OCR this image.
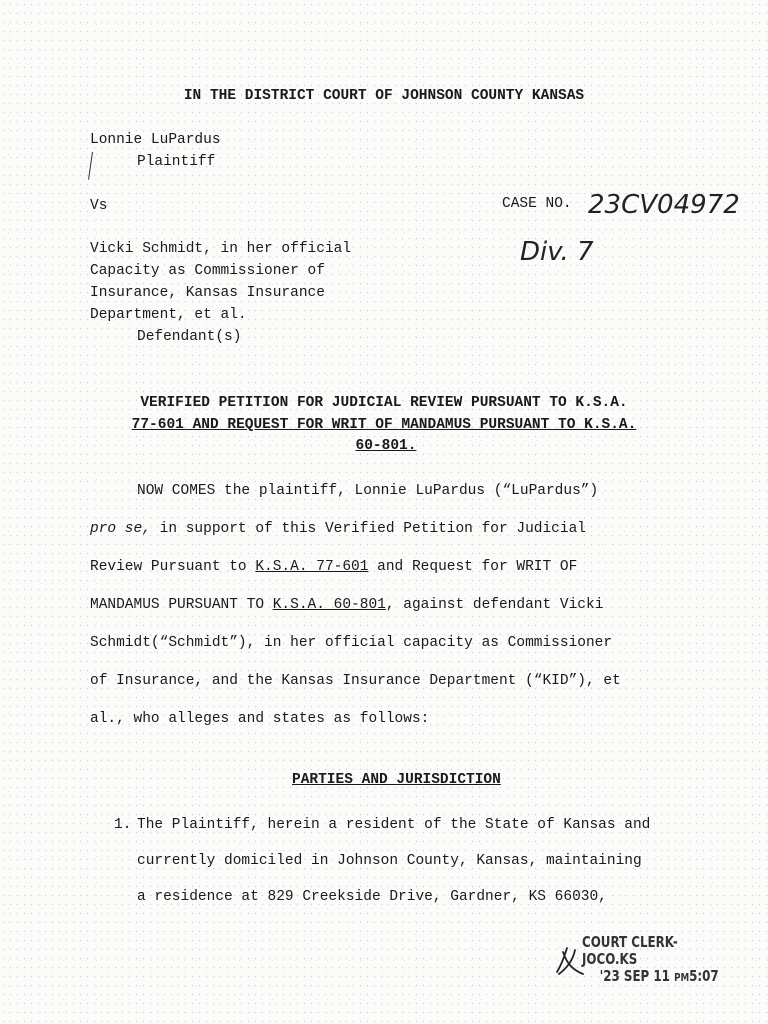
IN THE DISTRICT COURT OF JOHNSON COUNTY KANSAS
Lonnie LuPardus
Plaintiff
Vs	CASE NO. 23CV04972
Div. 7
Vicki Schmidt, in her official
Capacity as Commissioner of
Insurance, Kansas Insurance
Department, et al.
Defendant(s)
VERIFIED PETITION FOR JUDICIAL REVIEW PURSUANT TO K.S.A.
77-601 AND REQUEST FOR WRIT OF MANDAMUS PURSUANT TO K.S.A.
60-801.
NOW COMES the plaintiff, Lonnie LuPardus (“LuPardus”)
pro se, in support of this Verified Petition for Judicial
Review Pursuant to K.S.A. 77-601 and Request for WRIT OF
MANDAMUS PURSUANT TO K.S.A. 60-801, against defendant Vicki
Schmidt(“Schmidt”), in her official capacity as Commissioner
of Insurance, and the Kansas Insurance Department (“KID”), et
al., who alleges and states as follows:
PARTIES AND JURISDICTION
1. The Plaintiff, herein a resident of the State of Kansas and
currently domiciled in Johnson County, Kansas, maintaining
a residence at 829 Creekside Drive, Gardner, KS 66030,
COURT CLERK-JOCO.KS
'23 SEP 11 PM5:07
